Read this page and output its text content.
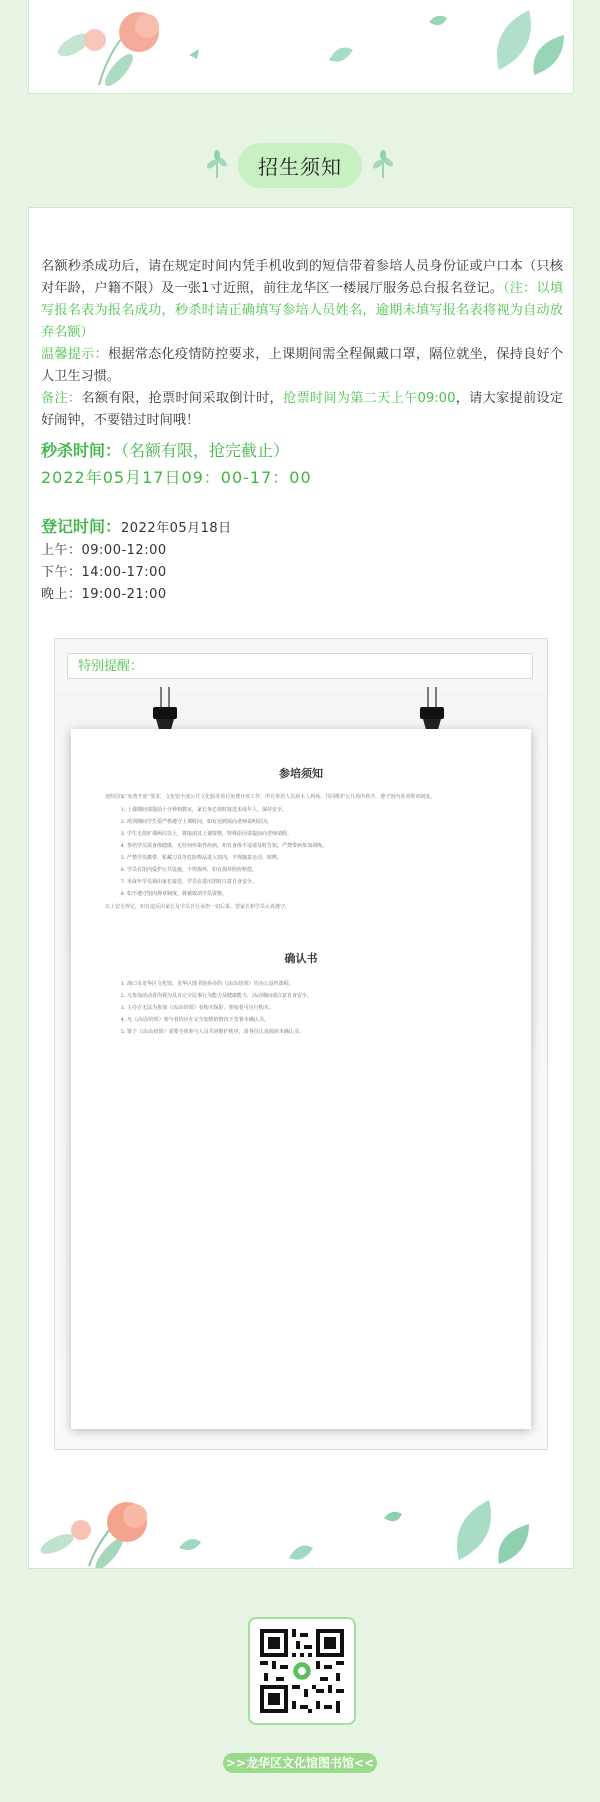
招生须知

名额秒杀成功后，请在规定时间内凭手机收到的短信带着参培人员身份证或户口本（只核对年龄，户籍不限）及一张1寸近照，前往龙华区一楼展厅服务总台报名登记。（注：以填写报名表为报名成功，秒杀时请正确填写参培人员姓名，逾期未填写报名表将视为自动放弃名额）

温馨提示：根据常态化疫情防控要求，上课期间需全程佩戴口罩，隔位就坐，保持良好个人卫生习惯。

备注：名额有限，抢票时间采取倒计时，抢票时间为第二天上午09:00，请大家提前设定好闹钟，不要错过时间哦！

秒杀时间：（名额有限，抢完截止）

2022年05月17日09：00-17：00

登记时间：2022年05月18日
上午：09:00-12:00
下午：14:00-17:00
晚上：19:00-21:00
特别提醒：
参培须知

按照国家“免费开放”要求，文化馆全部公共文化服务项目免费开放工作，所有参培人员须本人到场，共同维护公共场所秩序，遵守馆内各项规章制度。

1. 上课期间请提前十分钟到教室，家长务必按时接送未成年人，保持安全。
2. 培训期间学生要严格遵守上课时间，如有迟到需向老师说明原因。
3. 学生无故旷课两次以上，将取消其上课资格，特殊原因请提前向老师请假。
4. 参培学员需身体健康，无任何传染性疾病，如有身体不适请及时告知，严禁带病参加训练。
5. 严禁学员携带、私藏刀具等危险物品进入馆内，不得随意走动、喧哗。
6. 学员在馆内爱护公共设施，不得损坏，如有损坏照价赔偿。
7. 未成年学员须由家长接送，学员在进出馆时注意自身安全。
8. 如不遵守馆内规章制度，将被取消学员资格。

以上安全规定，如有违反由家长及学员自行承担一切后果，望家长和学员认真遵守。

确认书
1. 海口市龙华区文化馆、龙华区图书馆举办的（活动/培训）均为公益性课程。
2. 凡参加活动者均视为具有完全民事行为能力及健康能力，活动期间请注意自身安全。
3. 主办方无法为参加（活动/培训）者购买保险，参加者可自行购买。
4. 凡（活动/培训）参与者均应在完全知情的情况下签署本确认书。
5. 鉴于（活动/培训）需要全体参与人员共同维护秩序，请各位认真阅读本确认书。
>>龙华区文化馆图书馆<<
